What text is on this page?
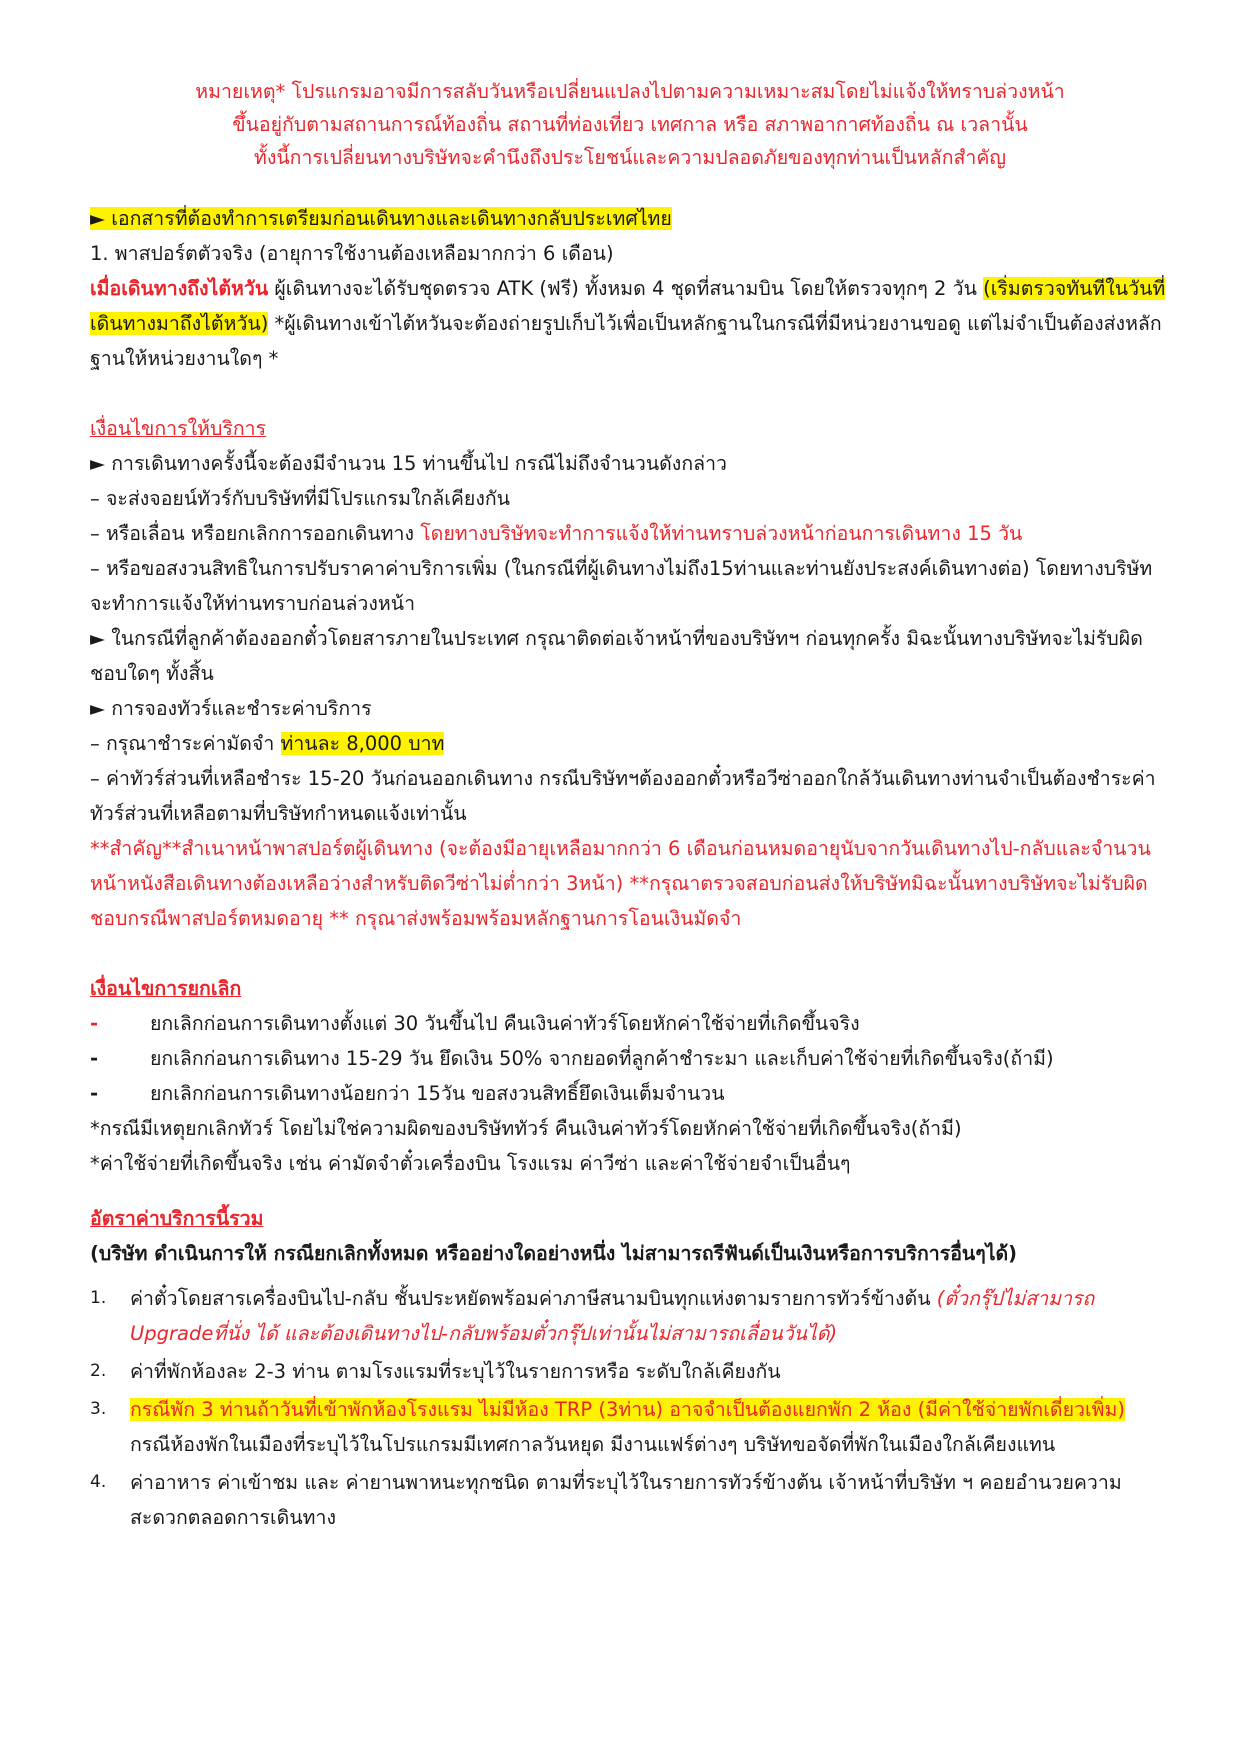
หมายเหตุ* โปรแกรมอาจมีการสลับวันหรือเปลี่ยนแปลงไปตามความเหมาะสมโดยไม่แจ้งให้ทราบล่วงหน้า
ขึ้นอยู่กับตามสถานการณ์ท้องถิ่น สถานที่ท่องเที่ยว เทศกาล หรือ สภาพอากาศท้องถิ่น ณ เวลานั้น
ทั้งนี้การเปลี่ยนทางบริษัทจะคำนึงถึงประโยชน์และความปลอดภัยของทุกท่านเป็นหลักสำคัญ

► เอกสารที่ต้องทำการเตรียมก่อนเดินทางและเดินทางกลับประเทศไทย

1. พาสปอร์ตตัวจริง (อายุการใช้งานต้องเหลือมากกว่า 6 เดือน)

เมื่อเดินทางถึงไต้หวัน ผู้เดินทางจะได้รับชุดตรวจ ATK (ฟรี) ทั้งหมด 4 ชุดที่สนามบิน โดยให้ตรวจทุกๆ 2 วัน (เริ่มตรวจทันทีในวันที่เดินทางมาถึงไต้หวัน) *ผู้เดินทางเข้าไต้หวันจะต้องถ่ายรูปเก็บไว้เพื่อเป็นหลักฐานในกรณีที่มีหน่วยงานขอดู แต่ไม่จำเป็นต้องส่งหลักฐานให้หน่วยงานใดๆ *

เงื่อนไขการให้บริการ

► การเดินทางครั้งนี้จะต้องมีจำนวน 15 ท่านขึ้นไป กรณีไม่ถึงจำนวนดังกล่าว

– จะส่งจอยน์ทัวร์กับบริษัทที่มีโปรแกรมใกล้เคียงกัน

– หรือเลื่อน หรือยกเลิกการออกเดินทาง โดยทางบริษัทจะทำการแจ้งให้ท่านทราบล่วงหน้าก่อนการเดินทาง 15 วัน

– หรือขอสงวนสิทธิในการปรับราคาค่าบริการเพิ่ม (ในกรณีที่ผู้เดินทางไม่ถึง15ท่านและท่านยังประสงค์เดินทางต่อ) โดยทางบริษัทจะทำการแจ้งให้ท่านทราบก่อนล่วงหน้า

► ในกรณีที่ลูกค้าต้องออกตั๋วโดยสารภายในประเทศ กรุณาติดต่อเจ้าหน้าที่ของบริษัทฯ ก่อนทุกครั้ง มิฉะนั้นทางบริษัทจะไม่รับผิดชอบใดๆ ทั้งสิ้น

► การจองทัวร์และชำระค่าบริการ

– กรุณาชำระค่ามัดจำ ท่านละ 8,000 บาท

– ค่าทัวร์ส่วนที่เหลือชำระ 15-20 วันก่อนออกเดินทาง กรณีบริษัทฯต้องออกตั๋วหรือวีซ่าออกใกล้วันเดินทางท่านจำเป็นต้องชำระค่าทัวร์ส่วนที่เหลือตามที่บริษัทกำหนดแจ้งเท่านั้น

**สำคัญ**สำเนาหน้าพาสปอร์ตผู้เดินทาง (จะต้องมีอายุเหลือมากกว่า 6 เดือนก่อนหมดอายุนับจากวันเดินทางไป-กลับและจำนวนหน้าหนังสือเดินทางต้องเหลือว่างสำหรับติดวีซ่าไม่ต่ำกว่า 3หน้า) **กรุณาตรวจสอบก่อนส่งให้บริษัทมิฉะนั้นทางบริษัทจะไม่รับผิดชอบกรณีพาสปอร์ตหมดอายุ ** กรุณาส่งพร้อมพร้อมหลักฐานการโอนเงินมัดจำ

เงื่อนไขการยกเลิก

-	ยกเลิกก่อนการเดินทางตั้งแต่ 30 วันขึ้นไป คืนเงินค่าทัวร์โดยหักค่าใช้จ่ายที่เกิดขึ้นจริง
-	ยกเลิกก่อนการเดินทาง 15-29 วัน ยึดเงิน 50% จากยอดที่ลูกค้าชำระมา และเก็บค่าใช้จ่ายที่เกิดขึ้นจริง(ถ้ามี)
-	ยกเลิกก่อนการเดินทางน้อยกว่า 15วัน ขอสงวนสิทธิ์ยึดเงินเต็มจำนวน

*กรณีมีเหตุยกเลิกทัวร์ โดยไม่ใช่ความผิดของบริษัททัวร์ คืนเงินค่าทัวร์โดยหักค่าใช้จ่ายที่เกิดขึ้นจริง(ถ้ามี)

*ค่าใช้จ่ายที่เกิดขึ้นจริง เช่น ค่ามัดจำตั๋วเครื่องบิน โรงแรม ค่าวีซ่า และค่าใช้จ่ายจำเป็นอื่นๆ

อัตราค่าบริการนี้รวม

(บริษัท ดำเนินการให้ กรณียกเลิกทั้งหมด หรืออย่างใดอย่างหนึ่ง ไม่สามารถรีฟันด์เป็นเงินหรือการบริการอื่นๆได้)

1.	ค่าตั๋วโดยสารเครื่องบินไป-กลับ ชั้นประหยัดพร้อมค่าภาษีสนามบินทุกแห่งตามรายการทัวร์ข้างต้น (ตั๋วกรุ๊ปไม่สามารถ Upgradeที่นั่ง ได้ และต้องเดินทางไป-กลับพร้อมตั๋วกรุ๊ปเท่านั้นไม่สามารถเลื่อนวันได้)
2.	ค่าที่พักห้องละ 2-3 ท่าน ตามโรงแรมที่ระบุไว้ในรายการหรือ ระดับใกล้เคียงกัน
3.	กรณีพัก 3 ท่านถ้าวันที่เข้าพักห้องโรงแรม ไม่มีห้อง TRP (3ท่าน) อาจจำเป็นต้องแยกพัก 2 ห้อง (มีค่าใช้จ่ายพักเดี่ยวเพิ่ม)
กรณีห้องพักในเมืองที่ระบุไว้ในโปรแกรมมีเทศกาลวันหยุด มีงานแฟร์ต่างๆ บริษัทขอจัดที่พักในเมืองใกล้เคียงแทน
4.	ค่าอาหาร ค่าเข้าชม และ ค่ายานพาหนะทุกชนิด ตามที่ระบุไว้ในรายการทัวร์ข้างต้น เจ้าหน้าที่บริษัท ฯ คอยอำนวยความสะดวกตลอดการเดินทาง
